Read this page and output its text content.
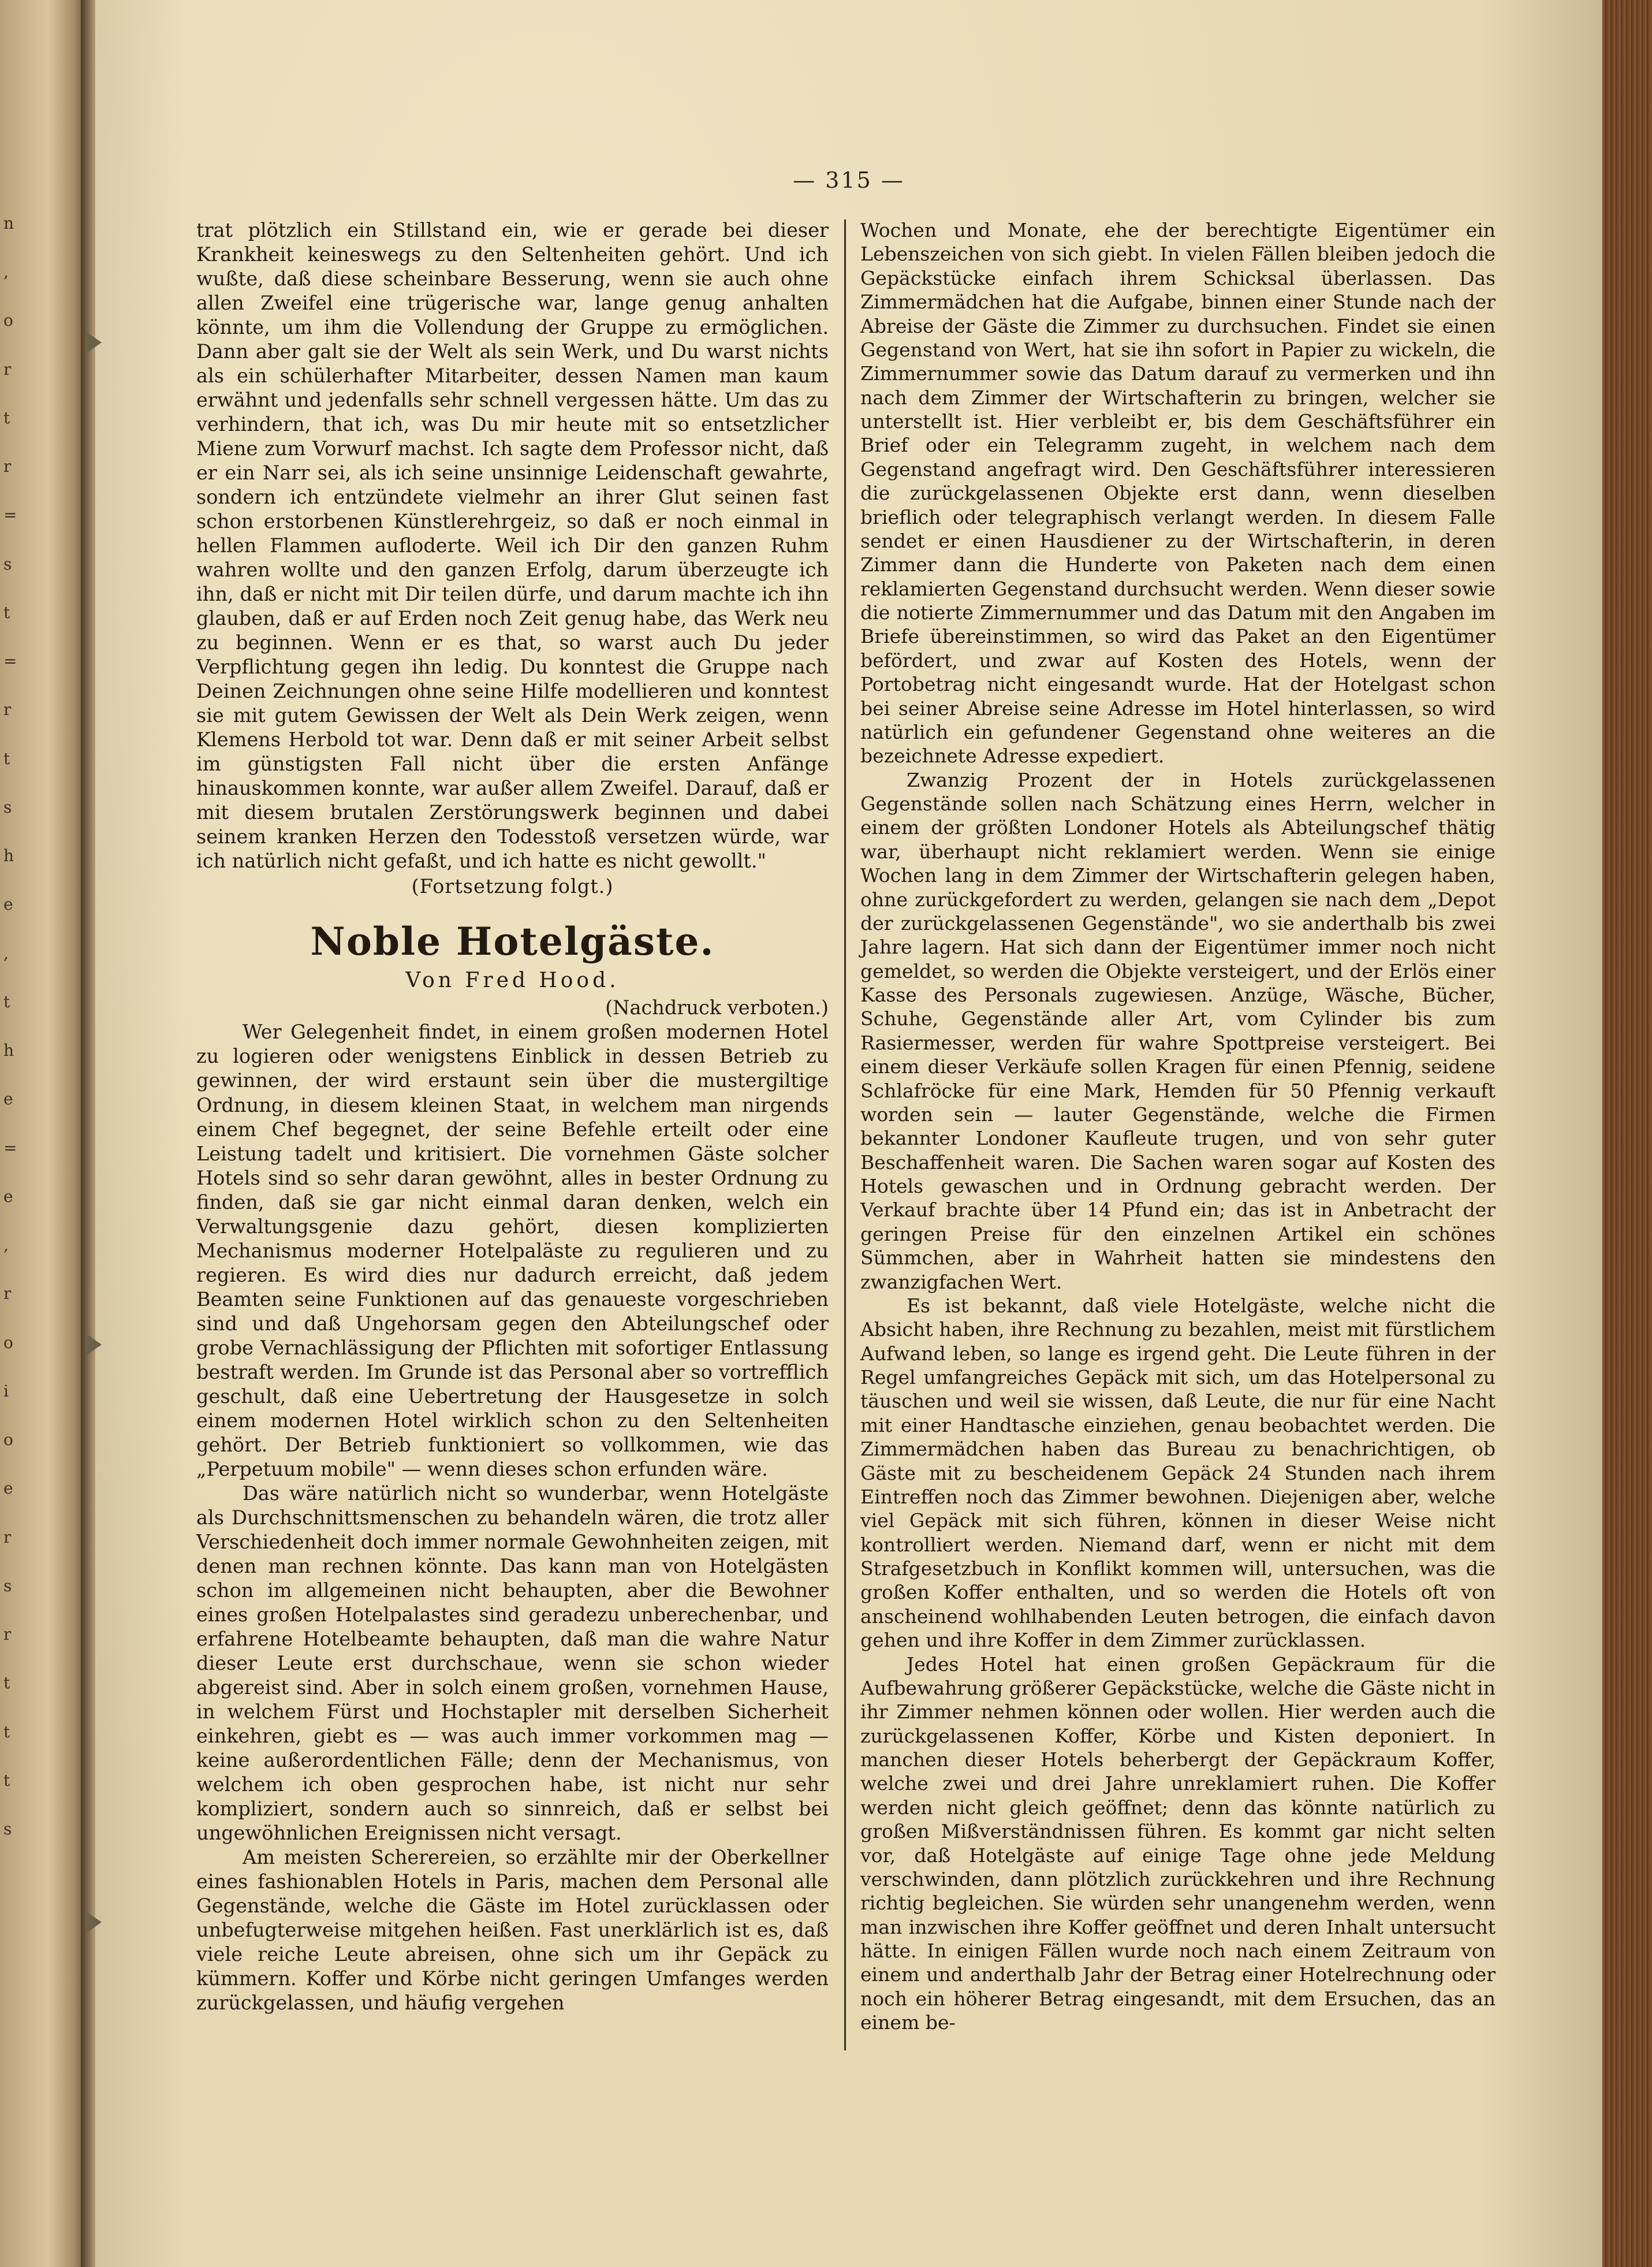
n
,
o
r
t
r
=
s
t
=
r
t
s
h
e
,
t
h
e
=
e
,
r
o
i
o
e
r
s
r
t
t
t
s
— 315 —

trat plötzlich ein Stillstand ein, wie er gerade bei dieser Krankheit keineswegs zu den Seltenheiten gehört. Und ich wußte, daß diese scheinbare Besserung, wenn sie auch ohne allen Zweifel eine trügerische war, lange genug anhalten könnte, um ihm die Vollendung der Gruppe zu ermöglichen. Dann aber galt sie der Welt als sein Werk, und Du warst nichts als ein schülerhafter Mitarbeiter, dessen Namen man kaum erwähnt und jedenfalls sehr schnell vergessen hätte. Um das zu verhindern, that ich, was Du mir heute mit so entsetzlicher Miene zum Vorwurf machst. Ich sagte dem Professor nicht, daß er ein Narr sei, als ich seine unsinnige Leidenschaft gewahrte, sondern ich entzündete vielmehr an ihrer Glut seinen fast schon erstorbenen Künstlerehrgeiz, so daß er noch einmal in hellen Flammen aufloderte. Weil ich Dir den ganzen Ruhm wahren wollte und den ganzen Erfolg, darum überzeugte ich ihn, daß er nicht mit Dir teilen dürfe, und darum machte ich ihn glauben, daß er auf Erden noch Zeit genug habe, das Werk neu zu beginnen. Wenn er es that, so warst auch Du jeder Verpflichtung gegen ihn ledig. Du konntest die Gruppe nach Deinen Zeichnungen ohne seine Hilfe modellieren und konntest sie mit gutem Gewissen der Welt als Dein Werk zeigen, wenn Klemens Herbold tot war. Denn daß er mit seiner Arbeit selbst im günstigsten Fall nicht über die ersten Anfänge hinauskommen konnte, war außer allem Zweifel. Darauf, daß er mit diesem brutalen Zerstörungswerk beginnen und dabei seinem kranken Herzen den Todesstoß versetzen würde, war ich natürlich nicht gefaßt, und ich hatte es nicht gewollt."

(Fortsetzung folgt.)

Noble Hotelgäste.
Von Fred Hood.

(Nachdruck verboten.)

Wer Gelegenheit findet, in einem großen modernen Hotel zu logieren oder wenigstens Einblick in dessen Betrieb zu gewinnen, der wird erstaunt sein über die mustergiltige Ordnung, in diesem kleinen Staat, in welchem man nirgends einem Chef begegnet, der seine Befehle erteilt oder eine Leistung tadelt und kritisiert. Die vornehmen Gäste solcher Hotels sind so sehr daran gewöhnt, alles in bester Ordnung zu finden, daß sie gar nicht einmal daran denken, welch ein Verwaltungsgenie dazu gehört, diesen komplizierten Mechanismus moderner Hotelpaläste zu regulieren und zu regieren. Es wird dies nur dadurch erreicht, daß jedem Beamten seine Funktionen auf das genaueste vorgeschrieben sind und daß Ungehorsam gegen den Abteilungschef oder grobe Vernachlässigung der Pflichten mit sofortiger Entlassung bestraft werden. Im Grunde ist das Personal aber so vortrefflich geschult, daß eine Uebertretung der Hausgesetze in solch einem modernen Hotel wirklich schon zu den Seltenheiten gehört. Der Betrieb funktioniert so vollkommen, wie das „Perpetuum mobile" — wenn dieses schon erfunden wäre.

Das wäre natürlich nicht so wunderbar, wenn Hotelgäste als Durchschnittsmenschen zu behandeln wären, die trotz aller Verschiedenheit doch immer normale Gewohnheiten zeigen, mit denen man rechnen könnte. Das kann man von Hotelgästen schon im allgemeinen nicht behaupten, aber die Bewohner eines großen Hotelpalastes sind geradezu unberechenbar, und erfahrene Hotelbeamte behaupten, daß man die wahre Natur dieser Leute erst durchschaue, wenn sie schon wieder abgereist sind. Aber in solch einem großen, vornehmen Hause, in welchem Fürst und Hochstapler mit derselben Sicherheit einkehren, giebt es — was auch immer vorkommen mag — keine außerordentlichen Fälle; denn der Mechanismus, von welchem ich oben gesprochen habe, ist nicht nur sehr kompliziert, sondern auch so sinnreich, daß er selbst bei ungewöhnlichen Ereignissen nicht versagt.

Am meisten Scherereien, so erzählte mir der Oberkellner eines fashionablen Hotels in Paris, machen dem Personal alle Gegenstände, welche die Gäste im Hotel zurücklassen oder unbefugterweise mitgehen heißen. Fast unerklärlich ist es, daß viele reiche Leute abreisen, ohne sich um ihr Gepäck zu kümmern. Koffer und Körbe nicht geringen Umfanges werden zurückgelassen, und häufig vergehen

Wochen und Monate, ehe der berechtigte Eigentümer ein Lebenszeichen von sich giebt. In vielen Fällen bleiben jedoch die Gepäckstücke einfach ihrem Schicksal überlassen. Das Zimmermädchen hat die Aufgabe, binnen einer Stunde nach der Abreise der Gäste die Zimmer zu durchsuchen. Findet sie einen Gegenstand von Wert, hat sie ihn sofort in Papier zu wickeln, die Zimmernummer sowie das Datum darauf zu vermerken und ihn nach dem Zimmer der Wirtschafterin zu bringen, welcher sie unterstellt ist. Hier verbleibt er, bis dem Geschäftsführer ein Brief oder ein Telegramm zugeht, in welchem nach dem Gegenstand angefragt wird. Den Geschäftsführer interessieren die zurückgelassenen Objekte erst dann, wenn dieselben brieflich oder telegraphisch verlangt werden. In diesem Falle sendet er einen Hausdiener zu der Wirtschafterin, in deren Zimmer dann die Hunderte von Paketen nach dem einen reklamierten Gegenstand durchsucht werden. Wenn dieser sowie die notierte Zimmernummer und das Datum mit den Angaben im Briefe übereinstimmen, so wird das Paket an den Eigentümer befördert, und zwar auf Kosten des Hotels, wenn der Portobetrag nicht eingesandt wurde. Hat der Hotelgast schon bei seiner Abreise seine Adresse im Hotel hinterlassen, so wird natürlich ein gefundener Gegenstand ohne weiteres an die bezeichnete Adresse expediert.

Zwanzig Prozent der in Hotels zurückgelassenen Gegenstände sollen nach Schätzung eines Herrn, welcher in einem der größten Londoner Hotels als Abteilungschef thätig war, überhaupt nicht reklamiert werden. Wenn sie einige Wochen lang in dem Zimmer der Wirtschafterin gelegen haben, ohne zurückgefordert zu werden, gelangen sie nach dem „Depot der zurückgelassenen Gegenstände", wo sie anderthalb bis zwei Jahre lagern. Hat sich dann der Eigentümer immer noch nicht gemeldet, so werden die Objekte versteigert, und der Erlös einer Kasse des Personals zugewiesen. Anzüge, Wäsche, Bücher, Schuhe, Gegenstände aller Art, vom Cylinder bis zum Rasiermesser, werden für wahre Spottpreise versteigert. Bei einem dieser Verkäufe sollen Kragen für einen Pfennig, seidene Schlafröcke für eine Mark, Hemden für 50 Pfennig verkauft worden sein — lauter Gegenstände, welche die Firmen bekannter Londoner Kaufleute trugen, und von sehr guter Beschaffenheit waren. Die Sachen waren sogar auf Kosten des Hotels gewaschen und in Ordnung gebracht werden. Der Verkauf brachte über 14 Pfund ein; das ist in Anbetracht der geringen Preise für den einzelnen Artikel ein schönes Sümmchen, aber in Wahrheit hatten sie mindestens den zwanzigfachen Wert.

Es ist bekannt, daß viele Hotelgäste, welche nicht die Absicht haben, ihre Rechnung zu bezahlen, meist mit fürstlichem Aufwand leben, so lange es irgend geht. Die Leute führen in der Regel umfangreiches Gepäck mit sich, um das Hotelpersonal zu täuschen und weil sie wissen, daß Leute, die nur für eine Nacht mit einer Handtasche einziehen, genau beobachtet werden. Die Zimmermädchen haben das Bureau zu benachrichtigen, ob Gäste mit zu bescheidenem Gepäck 24 Stunden nach ihrem Eintreffen noch das Zimmer bewohnen. Diejenigen aber, welche viel Gepäck mit sich führen, können in dieser Weise nicht kontrolliert werden. Niemand darf, wenn er nicht mit dem Strafgesetzbuch in Konflikt kommen will, untersuchen, was die großen Koffer enthalten, und so werden die Hotels oft von anscheinend wohlhabenden Leuten betrogen, die einfach davon gehen und ihre Koffer in dem Zimmer zurücklassen.

Jedes Hotel hat einen großen Gepäckraum für die Aufbewahrung größerer Gepäckstücke, welche die Gäste nicht in ihr Zimmer nehmen können oder wollen. Hier werden auch die zurückgelassenen Koffer, Körbe und Kisten deponiert. In manchen dieser Hotels beherbergt der Gepäckraum Koffer, welche zwei und drei Jahre unreklamiert ruhen. Die Koffer werden nicht gleich geöffnet; denn das könnte natürlich zu großen Mißverständnissen führen. Es kommt gar nicht selten vor, daß Hotelgäste auf einige Tage ohne jede Meldung verschwinden, dann plötzlich zurückkehren und ihre Rechnung richtig begleichen. Sie würden sehr unangenehm werden, wenn man inzwischen ihre Koffer geöffnet und deren Inhalt untersucht hätte. In einigen Fällen wurde noch nach einem Zeitraum von einem und anderthalb Jahr der Betrag einer Hotelrechnung oder noch ein höherer Betrag eingesandt, mit dem Ersuchen, das an einem be-
